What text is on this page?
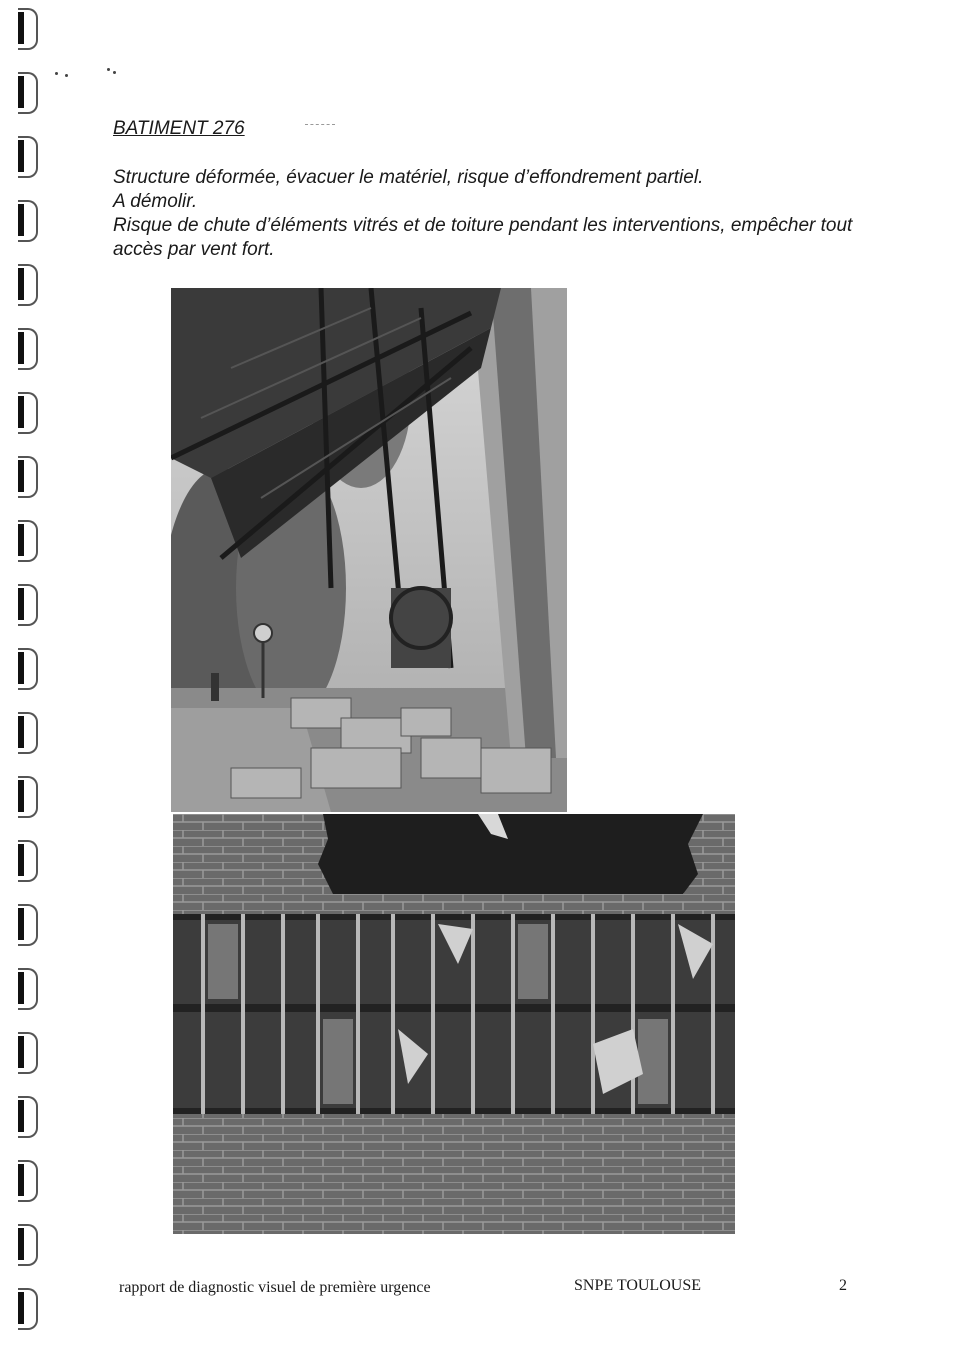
BATIMENT 276

Structure déformée, évacuer le matériel, risque d’effondrement partiel.

A démolir.

Risque de chute d’éléments vitrés et de toiture pendant les interventions, empêcher tout accès par vent fort.

rapport de diagnostic visuel de première urgence	SNPE TOULOUSE	2
